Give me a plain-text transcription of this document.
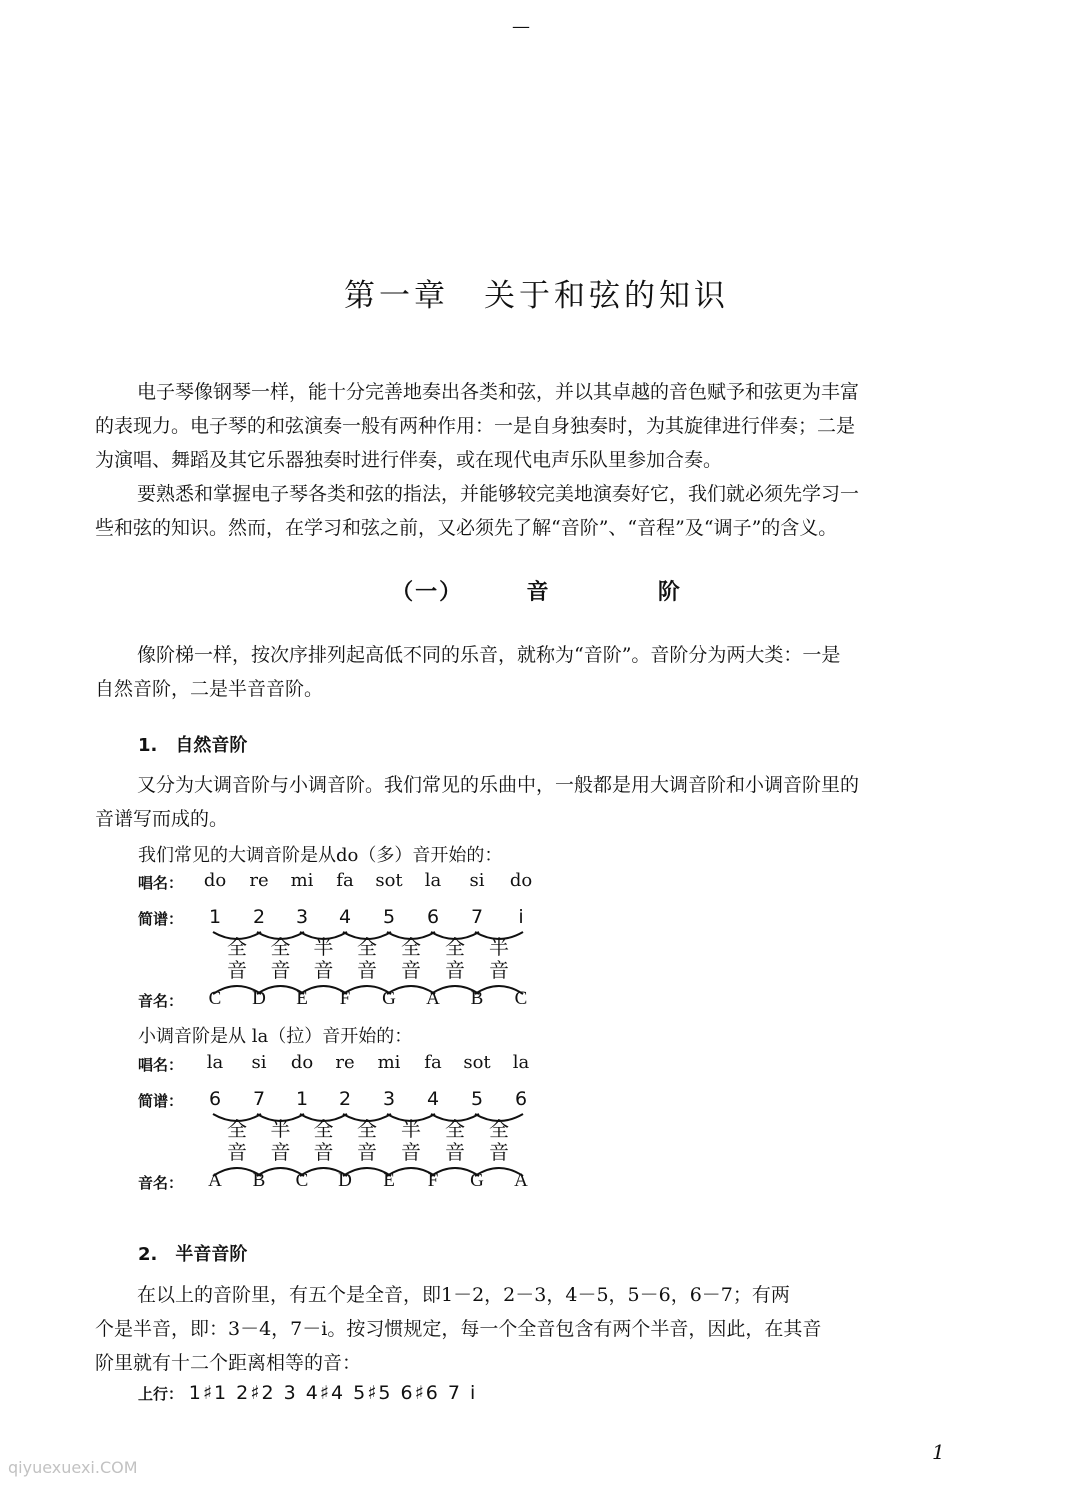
—
第一章　关于和弦的知识

电子琴像钢琴一样，能十分完善地奏出各类和弦，并以其卓越的音色赋予和弦更为丰富

的表现力。电子琴的和弦演奏一般有两种作用：一是自身独奏时，为其旋律进行伴奏；二是

为演唱、舞蹈及其它乐器独奏时进行伴奏，或在现代电声乐队里参加合奏。

要熟悉和掌握电子琴各类和弦的指法，并能够较完美地演奏好它，我们就必须先学习一

些和弦的知识。然而，在学习和弦之前，又必须先了解“音阶”、“音程”及“调子”的含义。

（一）	音	阶

像阶梯一样，按次序排列起高低不同的乐音，就称为“音阶”。音阶分为两大类：一是

自然音阶，二是半音音阶。

1.　自然音阶

又分为大调音阶与小调音阶。我们常见的乐曲中，一般都是用大调音阶和小调音阶里的

音谱写而成的。

我们常见的大调音阶是从do（多）音开始的：
唱名：
简谱：
音名：
do
1
C
re
2
D
mi
3
E
fa
4
F
sot
5
G
la
6
A
si
7
B
do
i
C
全
音
全
音
半
音
全
音
全
音
全
音
半
音
小调音阶是从 la（拉）音开始的：
唱名：
简谱：
音名：
la
6
A
si
7
B
do
1
C
re
2
D
mi
3
E
fa
4
F
sot
5
G
la
6
A
全
音
半
音
全
音
全
音
半
音
全
音
全
音
2.　半音音阶

在以上的音阶里，有五个是全音，即1－2，2－3，4－5，5－6，6－7；有两

个是半音，即：3－4，7－i。按习惯规定，每一个全音包含有两个半音，因此，在其音

阶里就有十二个距离相等的音：

上行： 1♯1 2♯2 3 4♯4 5♯5 6♯6 7 i
1
qiyuexuexi.COM
